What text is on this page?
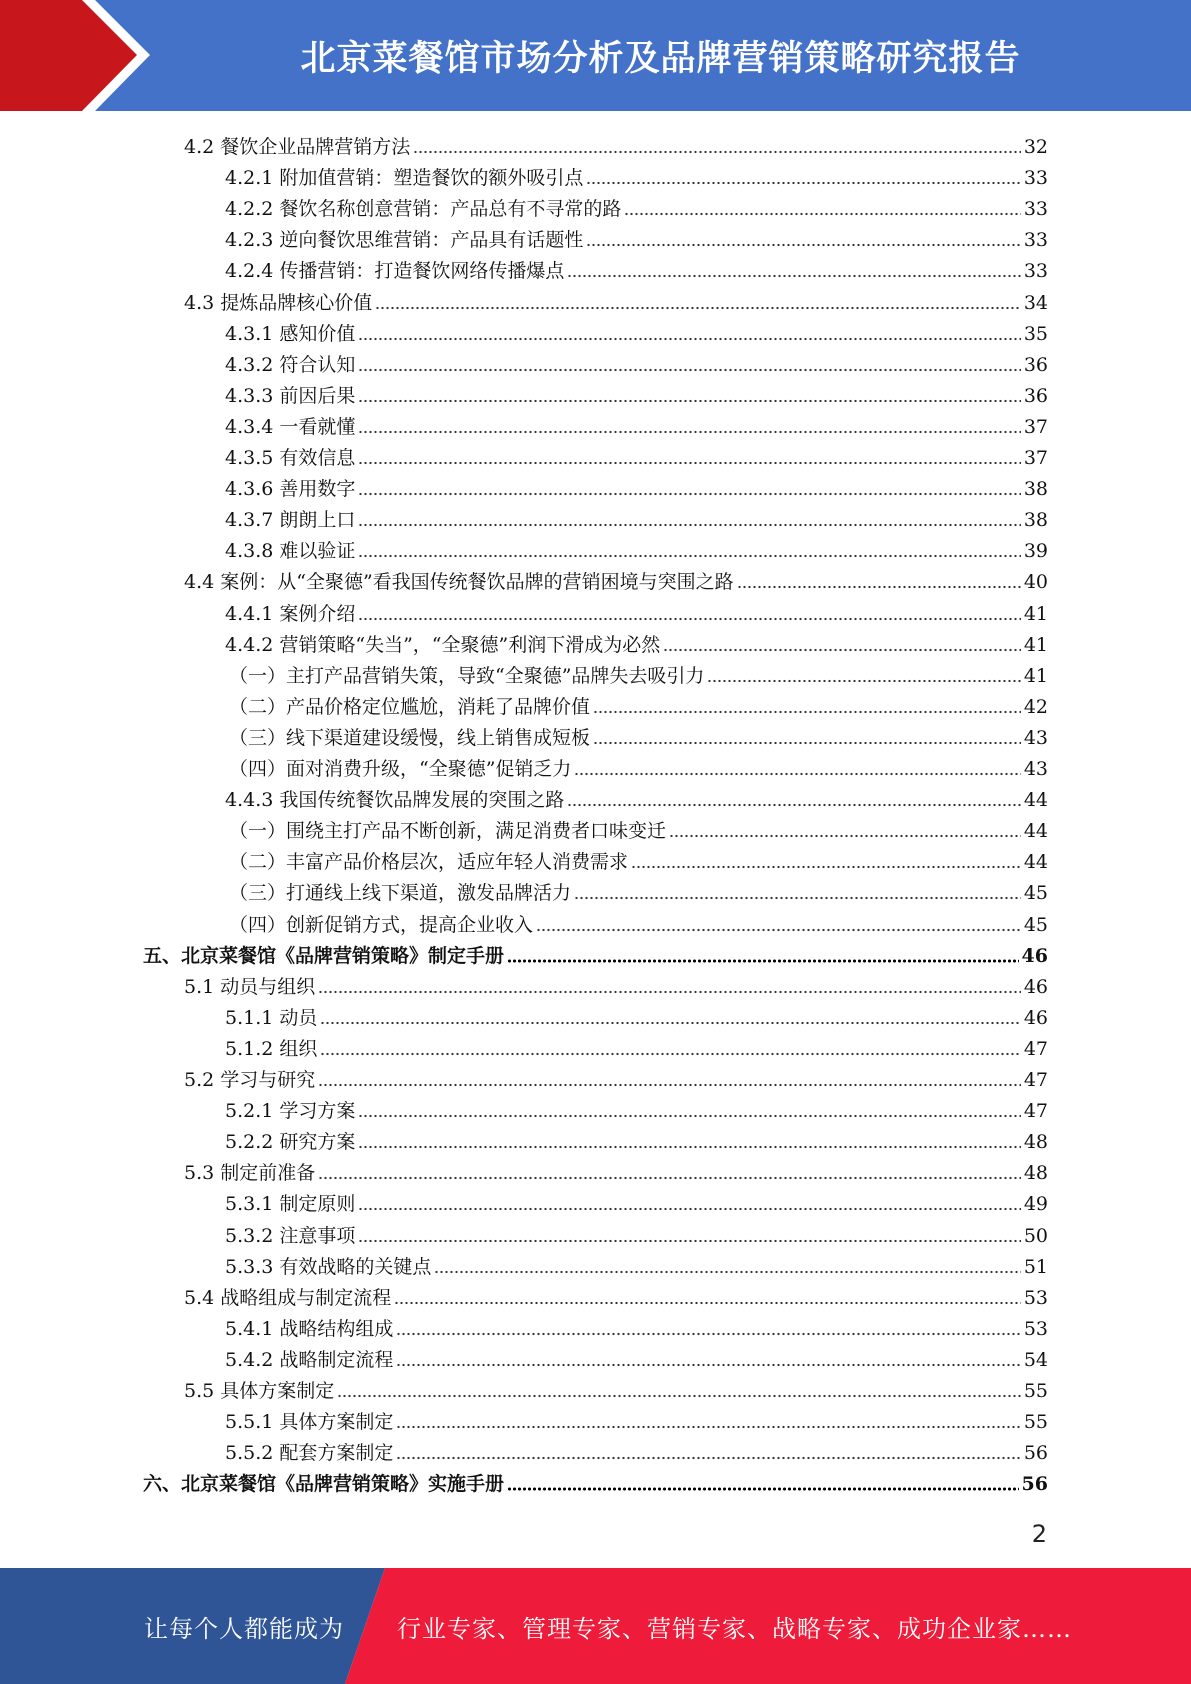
北京菜餐馆市场分析及品牌营销策略研究报告
4.2 餐饮企业品牌营销方法	32
4.2.1 附加值营销：塑造餐饮的额外吸引点	33
4.2.2 餐饮名称创意营销：产品总有不寻常的路	33
4.2.3 逆向餐饮思维营销：产品具有话题性	33
4.2.4 传播营销：打造餐饮网络传播爆点	33
4.3 提炼品牌核心价值	34
4.3.1 感知价值	35
4.3.2 符合认知	36
4.3.3 前因后果	36
4.3.4 一看就懂	37
4.3.5 有效信息	37
4.3.6 善用数字	38
4.3.7 朗朗上口	38
4.3.8 难以验证	39
4.4 案例：从“全聚德”看我国传统餐饮品牌的营销困境与突围之路	40
4.4.1 案例介绍	41
4.4.2 营销策略“失当”，“全聚德”利润下滑成为必然	41
（一）主打产品营销失策，导致“全聚德”品牌失去吸引力	41
（二）产品价格定位尴尬，消耗了品牌价值	42
（三）线下渠道建设缓慢，线上销售成短板	43
（四）面对消费升级，“全聚德”促销乏力	43
4.4.3 我国传统餐饮品牌发展的突围之路	44
（一）围绕主打产品不断创新，满足消费者口味变迁	44
（二）丰富产品价格层次，适应年轻人消费需求	44
（三）打通线上线下渠道，激发品牌活力	45
（四）创新促销方式，提高企业收入	45
五、北京菜餐馆《品牌营销策略》制定手册	46
5.1 动员与组织	46
5.1.1 动员	46
5.1.2 组织	47
5.2 学习与研究	47
5.2.1 学习方案	47
5.2.2 研究方案	48
5.3 制定前准备	48
5.3.1 制定原则	49
5.3.2 注意事项	50
5.3.3 有效战略的关键点	51
5.4 战略组成与制定流程	53
5.4.1 战略结构组成	53
5.4.2 战略制定流程	54
5.5 具体方案制定	55
5.5.1 具体方案制定	55
5.5.2 配套方案制定	56
六、北京菜餐馆《品牌营销策略》实施手册	56
2
让每个人都能成为 行业专家、管理专家、营销专家、战略专家、成功企业家……
